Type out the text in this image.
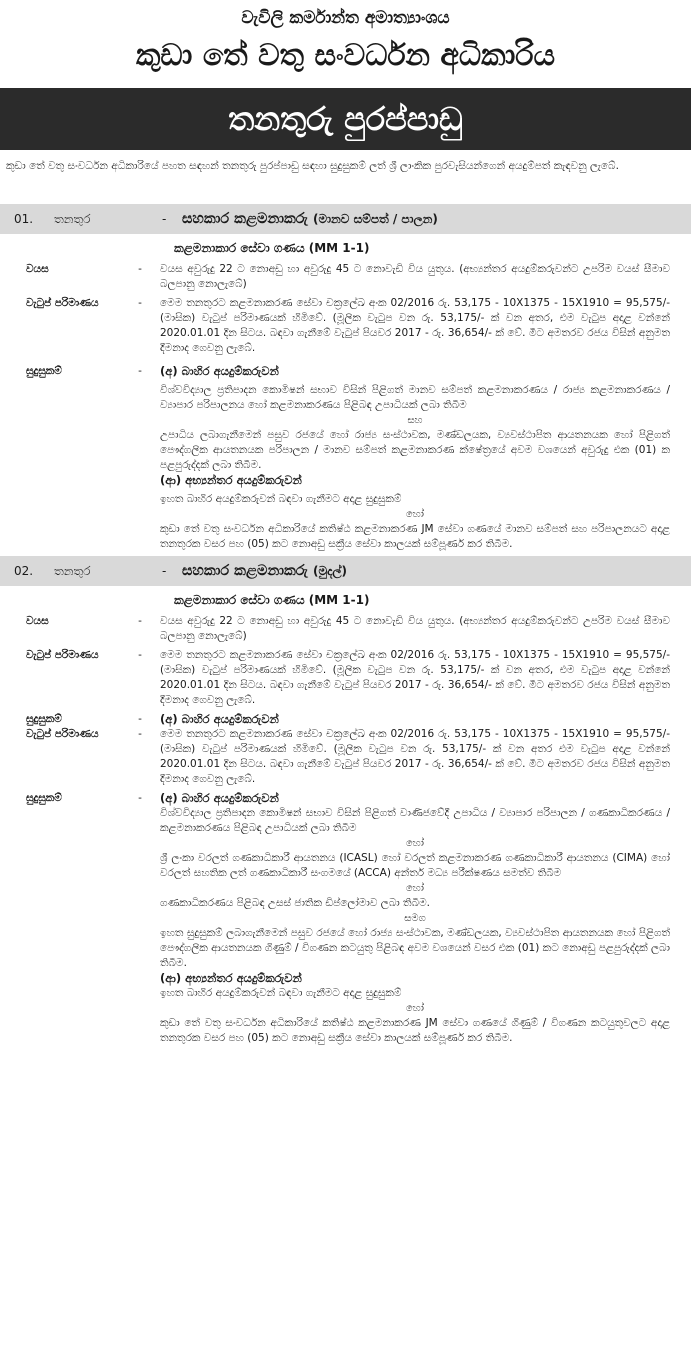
වැවිලි කර්මාන්ත අමාත්‍යාංශය
කුඩා තේ වතු සංවර්ධන අධිකාරිය
තනතුරු පුරප්පාඩු
කුඩා තේ වතු සංවර්ධන අධිකාරියේ පහත සඳහන් තනතුරු පුරප්පාඩු සඳහා සුදුසුකම් ලත් ශ්‍රී ලාංකික පුරවැසියන්ගෙන් අයදුම්පත් කැඳවනු ලැබේ.
01.	තනතුර	-	සහකාර කළමනාකරු (මානව සම්පත් / පාලන)
කළමනාකාර සේවා ගණය (MM 1-1)
වයස	-	වයස අවුරුදු 22 ට නොඅඩු හා අවුරුදු 45 ට නොවැඩි විය යුතුය. (අභ්‍යන්තර අයදුම්කරුවන්ට උපරිම වයස් සීමාව බලපානු නොලැබේ)
වැටුප් පරිමාණය	-	මෙම තනතුරට කළමනාකරණ සේවා චක්‍රලේඛ අංක 02/2016 රු. 53,175 - 10X1375 - 15X1910 = 95,575/- (මාසික) වැටුප් පරිමාණයක් හිමිවේ. (මූලික වැටුප වන රු. 53,175/- ක් වන අතර, එම වැටුප අදාළ වන්නේ 2020.01.01 දින සිටය. බඳවා ගැනීමේ වැටුප් පියවර 2017 - රු. 36,654/- ක් වේ. මීට අමතරව රජය විසින් අනුමත දීමනාද ගෙවනු ලැබේ.
සුදුසුකම්	-	(අ) බාහිර අයදුම්කරුවන්
විශ්වවිද්‍යාල ප්‍රතිපාදන කොමිෂන් සභාව විසින් පිළිගත් මානව සම්පත් කළමනාකරණය / රාජ්‍ය කළමනාකරණය / ව්‍යාපාර පරිපාලනය හෝ කළමනාකරණය පිළිබඳ උපාධියක් ලබා තිබීම
සහ
උපාධිය ලබාගැනීමෙන් පසුව රජයේ හෝ රාජ්‍ය සංස්ථාවක, මණ්ඩලයක, ව්‍යවස්ථාපිත ආයතනයක හෝ පිළිගත් පෞද්ගලික ආයතනයක පරිපාලන / මානව සම්පත් කළමනාකරණ ක්ෂේත්‍රයේ අවම වශයෙන් අවුරුදු එක (01) ක පළපුරුද්දක් ලබා තිබීම.
(ආ) අභ්‍යන්තර අයදුම්කරුවන්
ඉහත බාහිර අයදුම්කරුවන් බඳවා ගැනීමට අදාළ සුදුසුකම්
හෝ
කුඩා තේ වතු සංවර්ධන අධිකාරියේ කතිෂ්ඨ කළමනාකරණ JM සේවා ගණයේ මානව සම්පත් සහ පරිපාලනයට අදාළ තනතුරක වසර පහ (05) කට නොඅඩු සක්‍රීය සේවා කාලයක් සම්පූර්ණ කර තිබීම.
02.	තනතුර	-	සහකාර කළමනාකරු (මුදල්)
කළමනාකාර සේවා ගණය (MM 1-1)
වයස	-	වයස අවුරුදු 22 ට නොඅඩු හා අවුරුදු 45 ට නොවැඩි විය යුතුය. (අභ්‍යන්තර අයදුම්කරුවන්ට උපරිම වයස් සීමාව බලපානු නොලැබේ)
වැටුප් පරිමාණය	-	මෙම තනතුරට කළමනාකරණ සේවා චක්‍රලේඛ අංක 02/2016 රු. 53,175 - 10X1375 - 15X1910 = 95,575/- (මාසික) වැටුප් පරිමාණයක් හිමිවේ. (මූලික වැටුප වන රු. 53,175/- ක් වන අතර, එම වැටුප අදාළ වන්නේ 2020.01.01 දින සිටය. බඳවා ගැනීමේ වැටුප් පියවර 2017 - රු. 36,654/- ක් වේ. මීට අමතරව රජය විසින් අනුමත දීමනාද ගෙවනු ලැබේ.
සුදුසුකම්	-	(අ) බාහිර අයදුම්කරුවන්
වැටුප් පරිමාණය	-	මෙම තනතුරට කළමනාකරණ සේවා චක්‍රලේඛ අංක 02/2016 රු. 53,175 - 10X1375 - 15X1910 = 95,575/- (මාසික) වැටුප් පරිමාණයක් හිමිවේ. (මූලික වැටුප වන රු. 53,175/- ක් වන අතර එම වැටුප අදාළ වන්නේ 2020.01.01 දින සිටය. බඳවා ගැනීමේ වැටුප් පියවර 2017 - රු. 36,654/- ක් වේ. මීට අමතරව රජය විසින් අනුමත දීමනාද ගෙවනු ලැබේ.
සුදුසුකම්	-	(අ) බාහිර අයදුම්කරුවන්
විශ්වවිද්‍යාල ප්‍රතිපාදන කොමිෂන් සභාව විසින් පිළිගත් වාණිජවේදී උපාධිය / ව්‍යාපාර පරිපාලන / ගණකාධිකරණය / කළමනාකරණය පිළිබඳ උපාධියක් ලබා තිබීම
හෝ
ශ්‍රී ලංකා වරලත් ගණකාධිකාරී ආයතනය (ICASL) හෝ වරලත් කළමනාකරණ ගණකාධිකාරී ආයතනය (CIMA) හෝ වරලත් සහතික ලත් ගණකාධිකාරී සංගමයේ (ACCA) අන්තර් මධ්‍ය පරීක්ෂණය සමත්ව තිබීම
හෝ
ගණකාධිකරණය පිළිබඳ උසස් ජාතික ඩිප්ලෝමාව ලබා තිබීම.
සමග
ඉහත සුදුසුකම් ලබාගැනීමෙන් පසුව රජයේ හෝ රාජ්‍ය සංස්ථාවක, මණ්ඩලයක, ව්‍යවස්ථාපිත ආයතනයක හෝ පිළිගත් පෞද්ගලික ආයතනයක ගිණුම් / විගණන කටයුතු පිළිබඳ අවම වශයෙන් වසර එක (01) කට නොඅඩු පළපුරුද්දක් ලබා තිබීම.
(ආ) අභ්‍යන්තර අයදුම්කරුවන්
ඉහත බාහිර අයදුම්කරුවන් බඳවා ගැනීමට අදාළ සුදුසුකම්
හෝ
කුඩා තේ වතු සංවර්ධන අධිකාරියේ කතිෂ්ඨ කළමනාකරණ JM සේවා ගණයේ ගිණුම් / විගණන කටයුතුවලට අදාළ තනතුරක වසර පහ (05) කට නොඅඩු සක්‍රීය සේවා කාලයක් සම්පූර්ණ කර තිබීම.
